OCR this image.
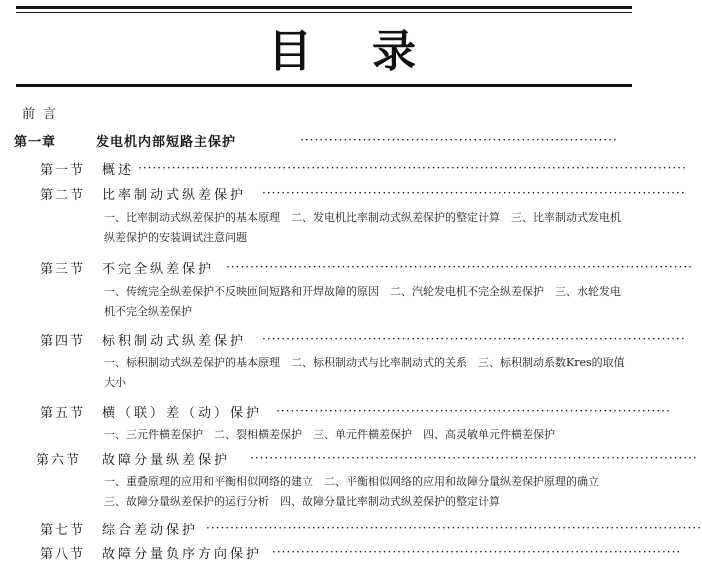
目 录
前言
第一章	发电机内部短路主保护	··································································
第一节 概述 ··················································································································
第二节 比率制动式纵差保护 ························································································
一、比率制动式纵差保护的基本原理　二、发电机比率制动式纵差保护的整定计算　三、比率制动式发电机纵差保护的安装调试注意问题
第三节 不完全纵差保护 ·································································································
一、传统完全纵差保护不反映匝间短路和开焊故障的原因　二、汽轮发电机不完全纵差保护　三、水轮发电机不完全纵差保护
第四节 标积制动式纵差保护 ························································································
一、标积制动式纵差保护的基本原理　二、标积制动式与比率制动式的关系　三、标积制动系数Kres的取值大小
第五节 横（联）差（动）保护 ··················································································
一、三元件横差保护　二、裂相横差保护　三、单元件横差保护　四、高灵敏单元件横差保护
第六节 故障分量纵差保护 ·····························································································
一、重叠原理的应用和平衡相似网络的建立　二、平衡相似网络的应用和故障分量纵差保护原理的确立　三、故障分量纵差保护的运行分析　四、故障分量比率制动式纵差保护的整定计算
第七节 综合差动保护 ·······································································································
第八节 故障分量负序方向保护 ·····················································································
